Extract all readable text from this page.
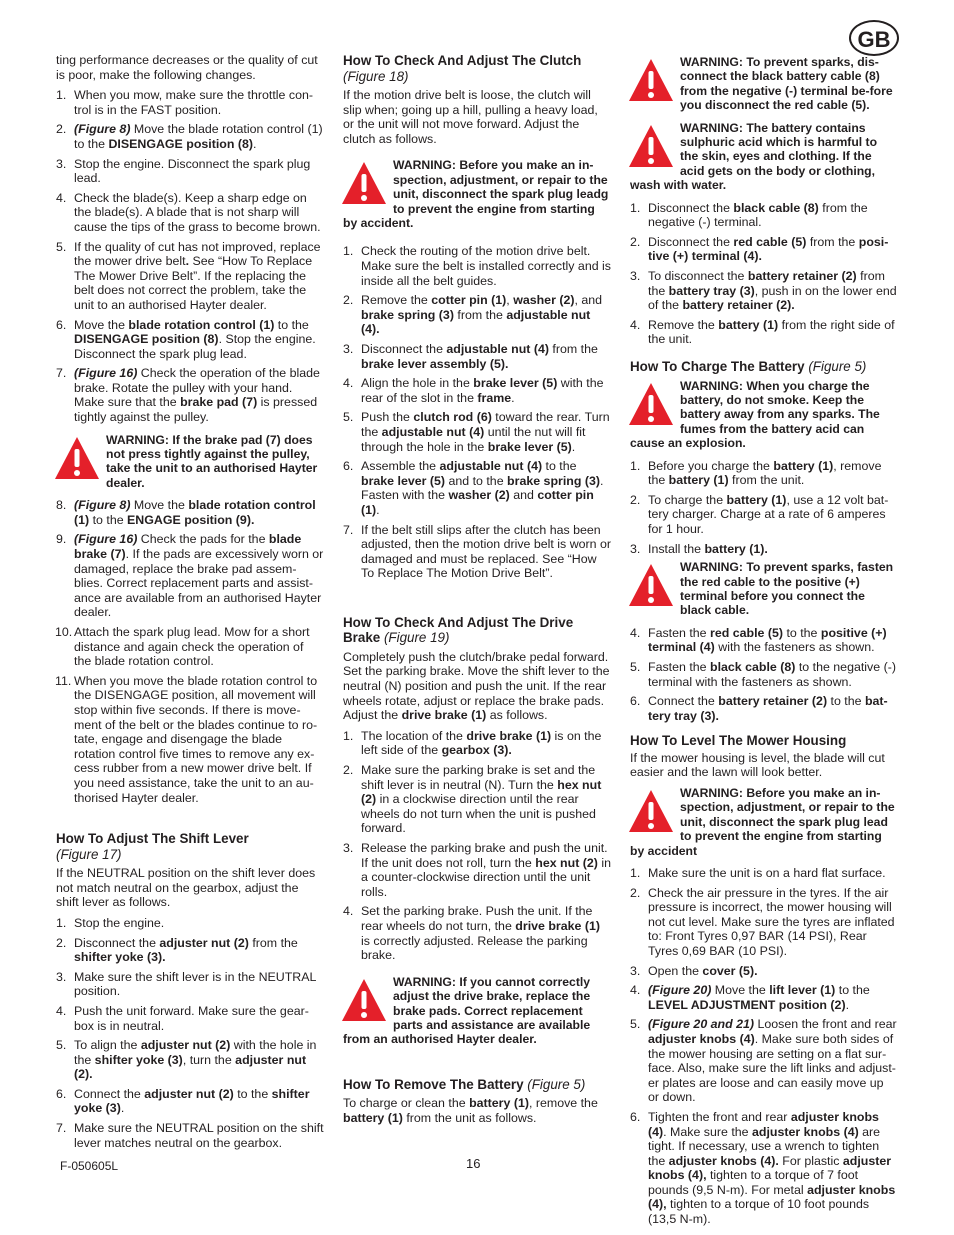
GB

ting performance decreases or the quality of cut is poor, make the following changes.

1. When you mow, make sure the throttle con-trol is in the FAST position.
2. (Figure 8) Move the blade rotation control (1) to the DISENGAGE position (8).
3. Stop the engine. Disconnect the spark plug lead.
4. Check the blade(s). Keep a sharp edge on the blade(s). A blade that is not sharp will cause the tips of the grass to become brown.
5. If the quality of cut has not improved, replace the mower drive belt. See “How To Replace The Mower Drive Belt”. If the replacing the belt does not correct the problem, take the unit to an authorised Hayter dealer.
6. Move the blade rotation control (1) to the DISENGAGE position (8). Stop the engine. Disconnect the spark plug lead.
7. (Figure 16) Check the operation of the blade brake. Rotate the pulley with your hand. Make sure that the brake pad (7) is pressed tightly against the pulley.
WARNING: If the brake pad (7) does not press tightly against the pulley, take the unit to an authorised Hayter dealer.
8. (Figure 8) Move the blade rotation control (1) to the ENGAGE position (9).
9. (Figure 16) Check the pads for the blade brake (7). If the pads are excessively worn or damaged, replace the brake pad assem-blies. Correct replacement parts and assist-ance are available from an authorised Hayter dealer.
10. Attach the spark plug lead. Mow for a short distance and again check the operation of the blade rotation control.
11. When you move the blade rotation control to the DISENGAGE position, all movement will stop within five seconds. If there is move-ment of the belt or the blades continue to ro-tate, engage and disengage the blade rotation control five times to remove any ex-cess rubber from a new mower drive belt. If you need assistance, take the unit to an au-thorised Hayter dealer.
How To Adjust The Shift Lever
(Figure 17)

If the NEUTRAL position on the shift lever does not match neutral on the gearbox, adjust the shift lever as follows.

1. Stop the engine.
2. Disconnect the adjuster nut (2) from the shifter yoke (3).
3. Make sure the shift lever is in the NEUTRAL position.
4. Push the unit forward. Make sure the gear-box is in neutral.
5. To align the adjuster nut (2) with the hole in the shifter yoke (3), turn the adjuster nut (2).
6. Connect the adjuster nut (2) to the shifter yoke (3).
7. Make sure the NEUTRAL position on the shift lever matches neutral on the gearbox.
How To Check And Adjust The Clutch
(Figure 18)

If the motion drive belt is loose, the clutch will slip when; going up a hill, pulling a heavy load, or the unit will not move forward. Adjust the clutch as follows.

WARNING: Before you make an in-spection, adjustment, or repair to the unit, disconnect the spark plug leadg to prevent the engine from starting by accident.
1. Check the routing of the motion drive belt. Make sure the belt is installed correctly and is inside all the belt guides.
2. Remove the cotter pin (1), washer (2), and brake spring (3) from the adjustable nut (4).
3. Disconnect the adjustable nut (4) from the brake lever assembly (5).
4. Align the hole in the brake lever (5) with the rear of the slot in the frame.
5. Push the clutch rod (6) toward the rear. Turn the adjustable nut (4) until the nut will fit through the hole in the brake lever (5).
6. Assemble the adjustable nut (4) to the brake lever (5) and to the brake spring (3). Fasten with the washer (2) and cotter pin (1).
7. If the belt still slips after the clutch has been adjusted, then the motion drive belt is worn or damaged and must be replaced. See “How To Replace The Motion Drive Belt”.
How To Check And Adjust The Drive Brake (Figure 19)

Completely push the clutch/brake pedal forward. Set the parking brake. Move the shift lever to the neutral (N) position and push the unit. If the rear wheels rotate, adjust or replace the brake pads. Adjust the drive brake (1) as follows.

1. The location of the drive brake (1) is on the left side of the gearbox (3).
2. Make sure the parking brake is set and the shift lever is in neutral (N). Turn the hex nut (2) in a clockwise direction until the rear wheels do not turn when the unit is pushed forward.
3. Release the parking brake and push the unit. If the unit does not roll, turn the hex nut (2) in a counter-clockwise direction until the unit rolls.
4. Set the parking brake. Push the unit. If the rear wheels do not turn, the drive brake (1) is correctly adjusted. Release the parking brake.
WARNING: If you cannot correctly adjust the drive brake, replace the brake pads. Correct replacement parts and assistance are available from an authorised Hayter dealer.
How To Remove The Battery (Figure 5)

To charge or clean the battery (1), remove the battery (1) from the unit as follows.

WARNING: To prevent sparks, dis-connect the black battery cable (8) from the negative (-) terminal be-fore you disconnect the red cable (5).
WARNING: The battery contains sulphuric acid which is harmful to the skin, eyes and clothing. If the acid gets on the body or clothing, wash with water.
1. Disconnect the black cable (8) from the negative (-) terminal.
2. Disconnect the red cable (5) from the posi-tive (+) terminal (4).
3. To disconnect the battery retainer (2) from the battery tray (3), push in on the lower end of the battery retainer (2).
4. Remove the battery (1) from the right side of the unit.
How To Charge The Battery (Figure 5)
WARNING: When you charge the battery, do not smoke. Keep the battery away from any sparks. The fumes from the battery acid can cause an explosion.
1. Before you charge the battery (1), remove the battery (1) from the unit.
2. To charge the battery (1), use a 12 volt bat-tery charger. Charge at a rate of 6 amperes for 1 hour.
3. Install the battery (1).
WARNING: To prevent sparks, fasten the red cable to the positive (+) terminal before you connect the black cable.
4. Fasten the red cable (5) to the positive (+) terminal (4) with the fasteners as shown.
5. Fasten the black cable (8) to the negative (-) terminal with the fasteners as shown.
6. Connect the battery retainer (2) to the bat-tery tray (3).
How To Level The Mower Housing

If the mower housing is level, the blade will cut easier and the lawn will look better.

WARNING: Before you make an in-spection, adjustment, or repair to the unit, disconnect the spark plug lead to prevent the engine from starting by accident
1. Make sure the unit is on a hard flat surface.
2. Check the air pressure in the tyres. If the air pressure is incorrect, the mower housing will not cut level. Make sure the tyres are inflated to: Front Tyres 0,97 BAR (14 PSI), Rear Tyres 0,69 BAR (10 PSI).
3. Open the cover (5).
4. (Figure 20) Move the lift lever (1) to the LEVEL ADJUSTMENT position (2).
5. (Figure 20 and 21) Loosen the front and rear adjuster knobs (4). Make sure both sides of the mower housing are setting on a flat sur-face. Also, make sure the lift links and adjust-er plates are loose and can easily move up or down.
6. Tighten the front and rear adjuster knobs (4). Make sure the adjuster knobs (4) are tight. If necessary, use a wrench to tighten the adjuster knobs (4). For plastic adjuster knobs (4), tighten to a torque of 7 foot pounds (9,5 N-m). For metal adjuster knobs (4), tighten to a torque of 10 foot pounds (13,5 N-m).
F-050605L	16
